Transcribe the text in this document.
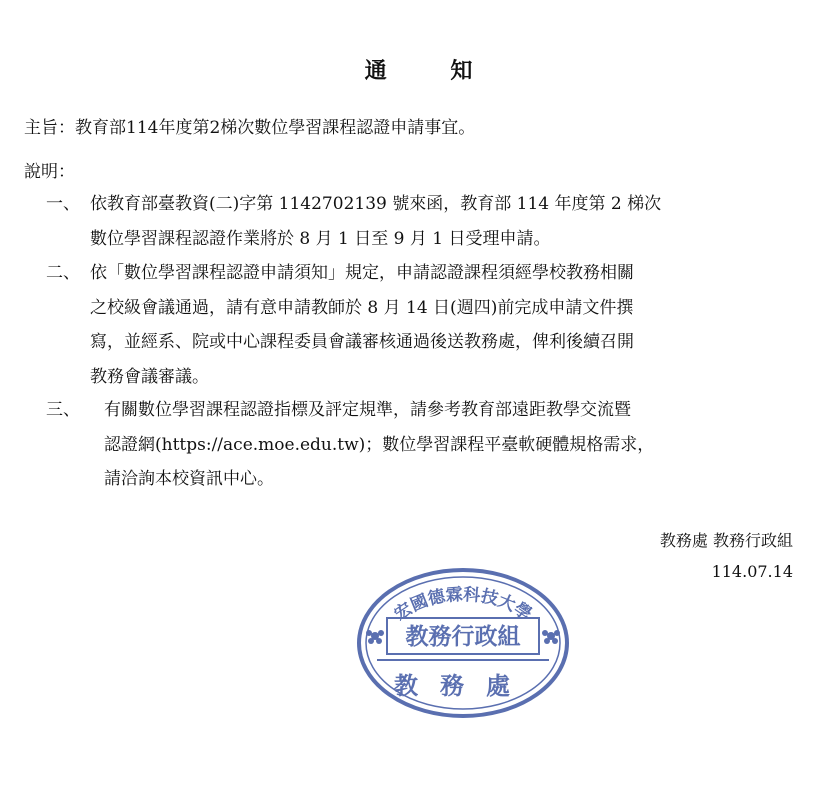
通 知
主旨：教育部114年度第2梯次數位學習課程認證申請事宜。
說明：
一、 依教育部臺教資(二)字第 1142702139 號來函，教育部 114 年度第 2 梯次
數位學習課程認證作業將於 8 月 1 日至 9 月 1 日受理申請。
二、 依「數位學習課程認證申請須知」規定，申請認證課程須經學校教務相關
之校級會議通過，請有意申請教師於 8 月 14 日(週四)前完成申請文件撰
寫，並經系、院或中心課程委員會議審核通過後送教務處，俾利後續召開
教務會議審議。
三、 有關數位學習課程認證指標及評定規準，請參考教育部遠距教學交流暨
認證網(https://ace.moe.edu.tw)；數位學習課程平臺軟硬體規格需求，
請洽詢本校資訊中心。
教務處 教務行政組
114.07.14
宏國德霖科技大學
教務行政組
教務處
